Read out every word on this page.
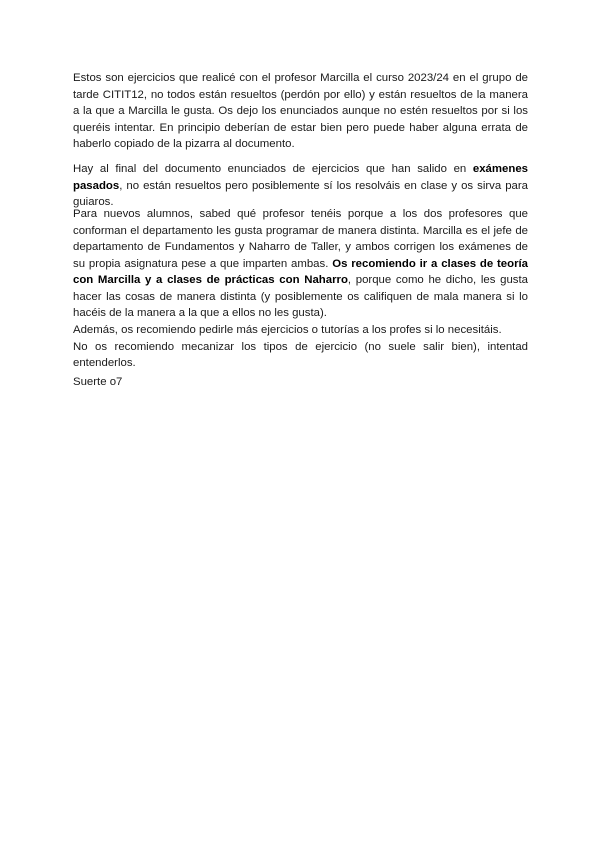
Estos son ejercicios que realicé con el profesor Marcilla el curso 2023/24 en el grupo de tarde CITIT12, no todos están resueltos (perdón por ello) y están resueltos de la manera a la que a Marcilla le gusta. Os dejo los enunciados aunque no estén resueltos por si los queréis intentar. En principio deberían de estar bien pero puede haber alguna errata de haberlo copiado de la pizarra al documento.

Hay al final del documento enunciados de ejercicios que han salido en exámenes pasados, no están resueltos pero posiblemente sí los resolváis en clase y os sirva para guiaros.

Para nuevos alumnos, sabed qué profesor tenéis porque a los dos profesores que conforman el departamento les gusta programar de manera distinta. Marcilla es el jefe de departamento de Fundamentos y Naharro de Taller, y ambos corrigen los exámenes de su propia asignatura pese a que imparten ambas. Os recomiendo ir a clases de teoría con Marcilla y a clases de prácticas con Naharro, porque como he dicho, les gusta hacer las cosas de manera distinta (y posiblemente os califiquen de mala manera si lo hacéis de la manera a la que a ellos no les gusta).

Además, os recomiendo pedirle más ejercicios o tutorías a los profes si lo necesitáis.
No os recomiendo mecanizar los tipos de ejercicio (no suele salir bien), intentad entenderlos.

Suerte o7
